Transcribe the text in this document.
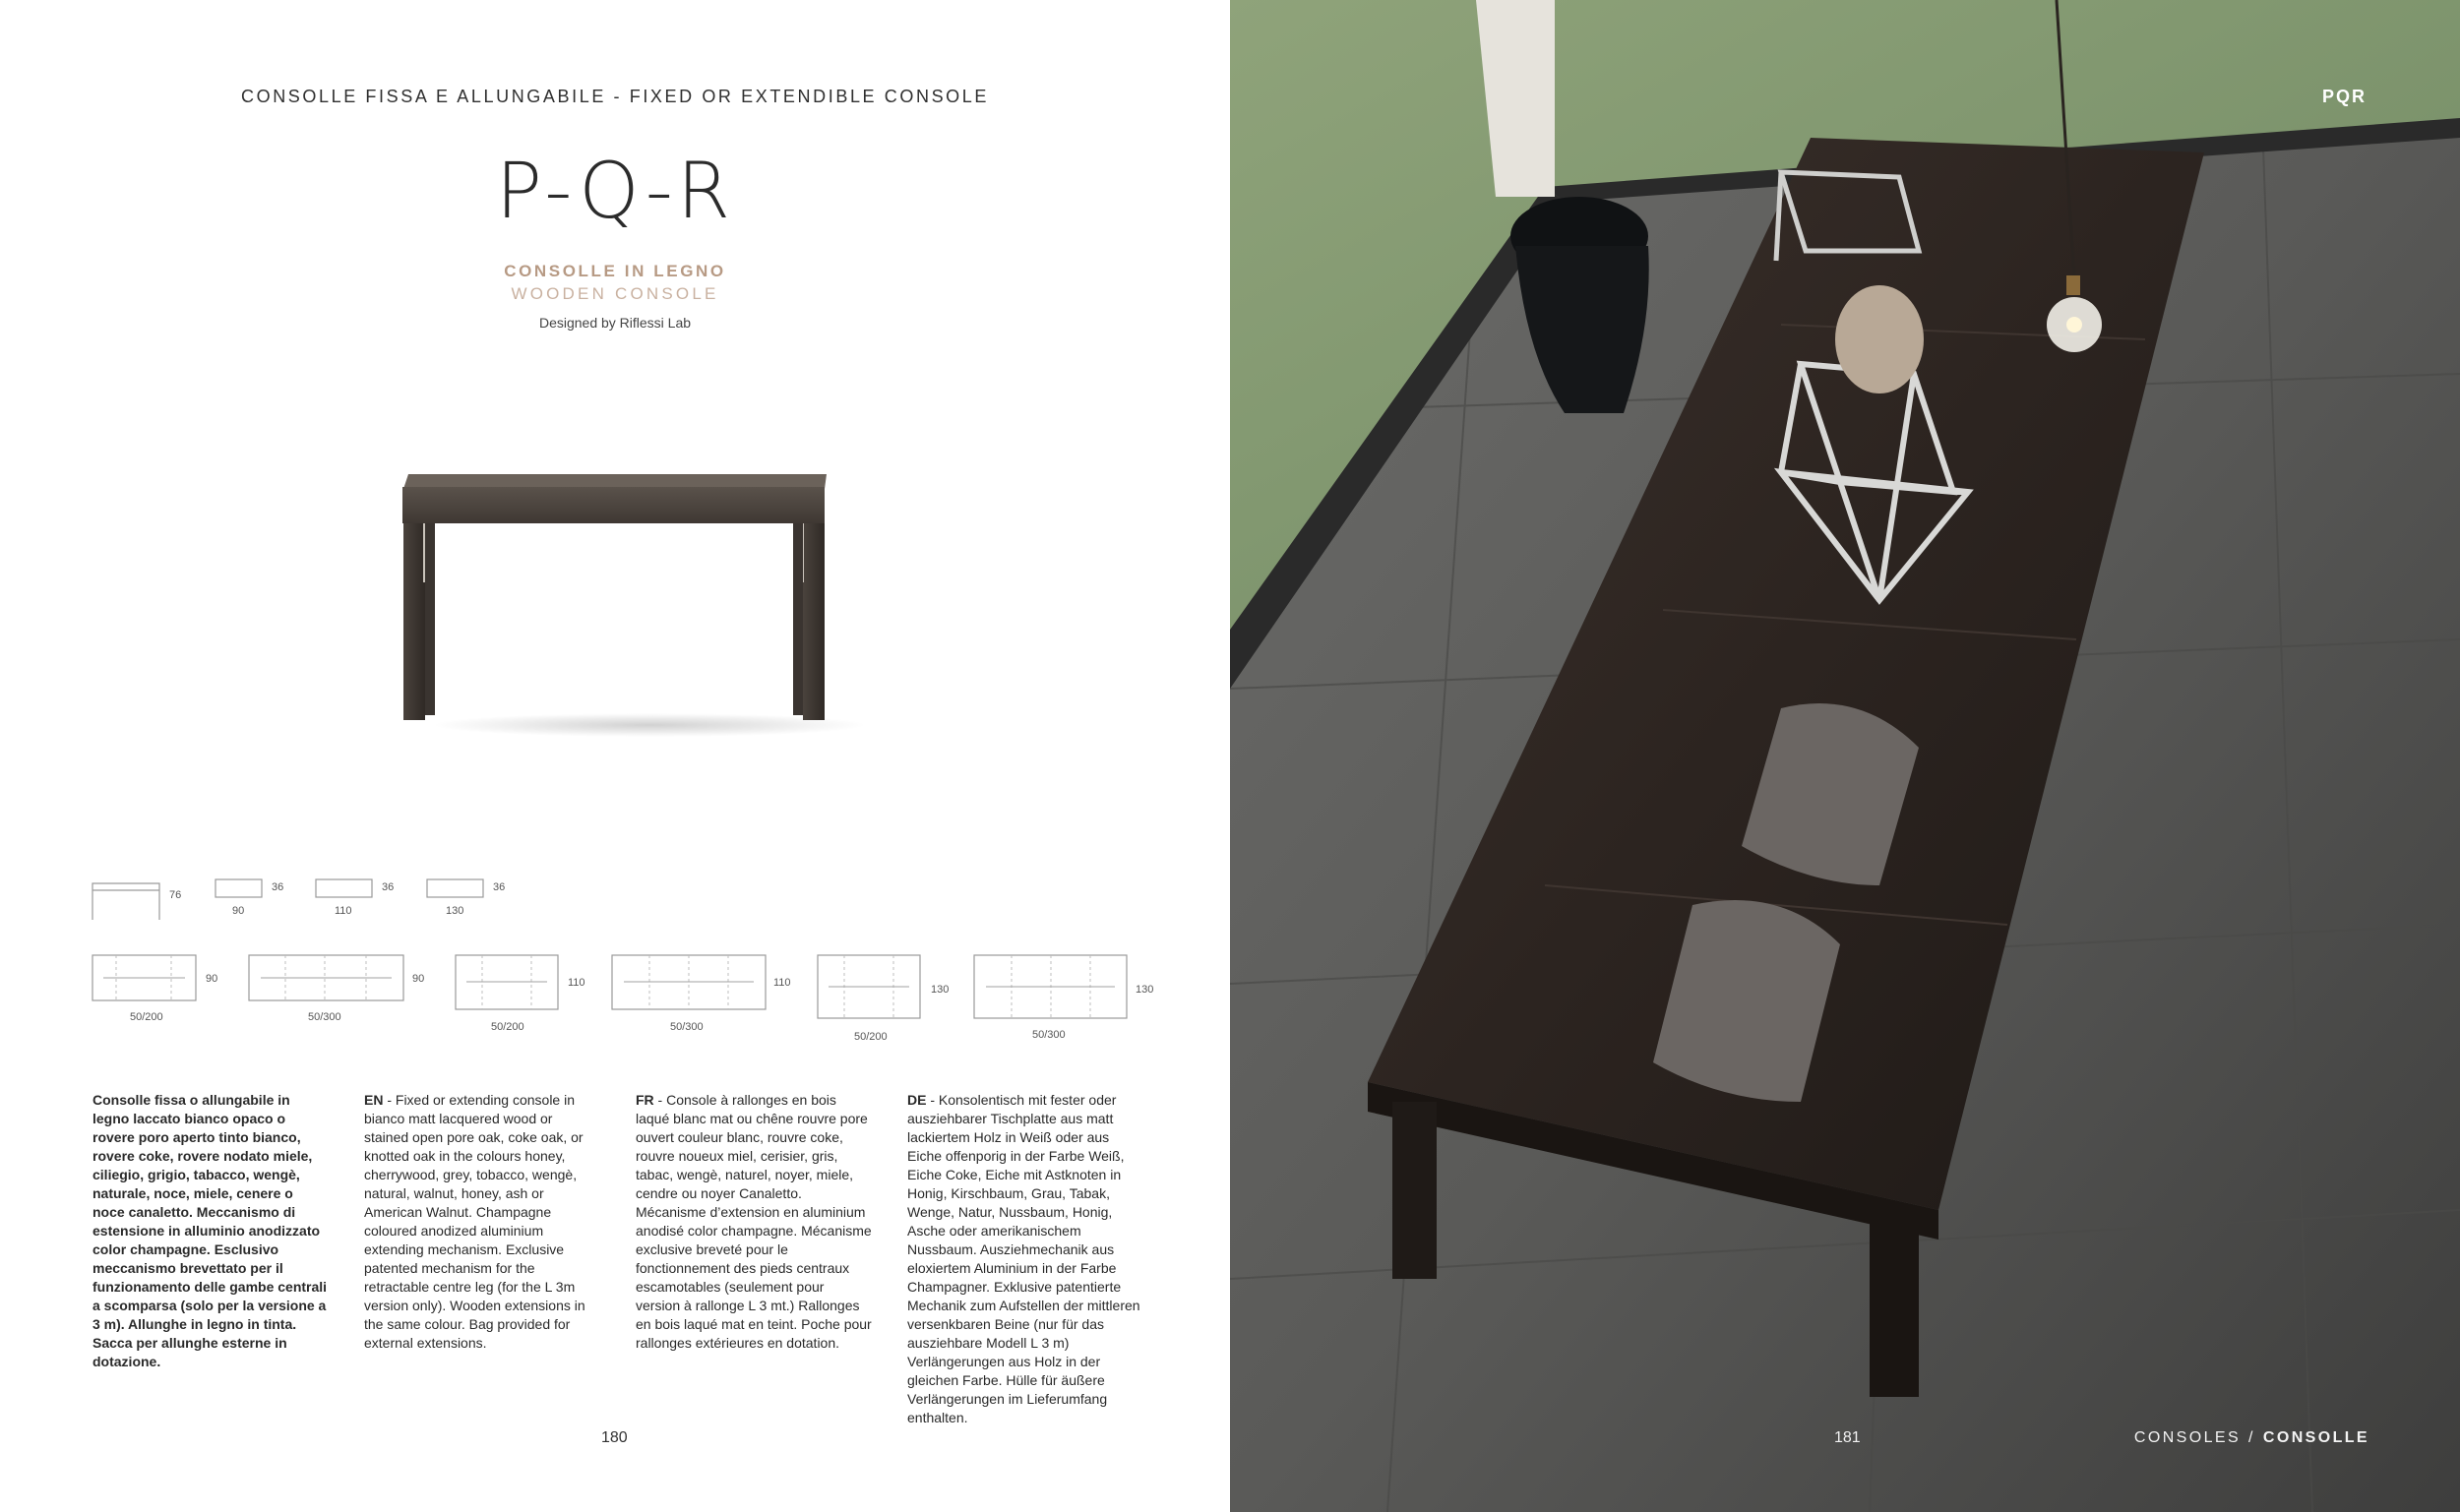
CONSOLLE FISSA E ALLUNGABILE - FIXED OR EXTENDIBLE CONSOLE
P-Q-R
CONSOLLE IN LEGNO
WOODEN CONSOLE
Designed by Riflessi Lab
76
36
90
36
110
36
130
90
50/200
90
50/300
110
50/200
110
50/300
130
50/200
130
50/300
Consolle fissa o allungabile in legno laccato bianco opaco o rovere poro aperto tinto bianco, rovere coke, rovere nodato miele, ciliegio, grigio, tabacco, wengè, naturale, noce, miele, cenere o noce canaletto. Meccanismo di estensione in alluminio anodizzato color champagne. Esclusivo meccanismo brevettato per il funzionamento delle gambe centrali a scomparsa (solo per la versione a 3 m). Allunghe in legno in tinta. Sacca per allunghe esterne in dotazione.
EN - Fixed or extending console in bianco matt lacquered wood or stained open pore oak, coke oak, or knotted oak in the colours honey, cherrywood, grey, tobacco, wengè, natural, walnut, honey, ash or American Walnut. Champagne coloured anodized aluminium extending mechanism. Exclusive patented mechanism for the retractable centre leg (for the L 3m version only). Wooden extensions in the same colour. Bag provided for external extensions.
FR - Console à rallonges en bois laqué blanc mat ou chêne rouvre pore ouvert couleur blanc, rouvre coke, rouvre noueux miel, cerisier, gris, tabac, wengè, naturel, noyer, miele, cendre ou noyer Canaletto. Mécanisme d’extension en aluminium anodisé color champagne. Mécanisme exclusive breveté pour le fonctionnement des pieds centraux escamotables (seulement pour version à rallonge L 3 mt.) Rallonges en bois laqué mat en teint. Poche pour rallonges extérieures en dotation.
DE - Konsolentisch mit fester oder ausziehbarer Tischplatte aus matt lackiertem Holz in Weiß oder aus Eiche offenporig in der Farbe Weiß, Eiche Coke, Eiche mit Astknoten in Honig, Kirschbaum, Grau, Tabak, Wenge, Natur, Nussbaum, Honig, Asche oder amerikanischem Nussbaum. Ausziehmechanik aus eloxiertem Aluminium in der Farbe Champagner. Exklusive patentierte Mechanik zum Aufstellen der mittleren versenkbaren Beine (nur für das ausziehbare Modell L 3 m) Verlängerungen aus Holz in der gleichen Farbe. Hülle für äußere Verlängerungen im Lieferumfang enthalten.
180
PQR
181	CONSOLES / CONSOLLE
